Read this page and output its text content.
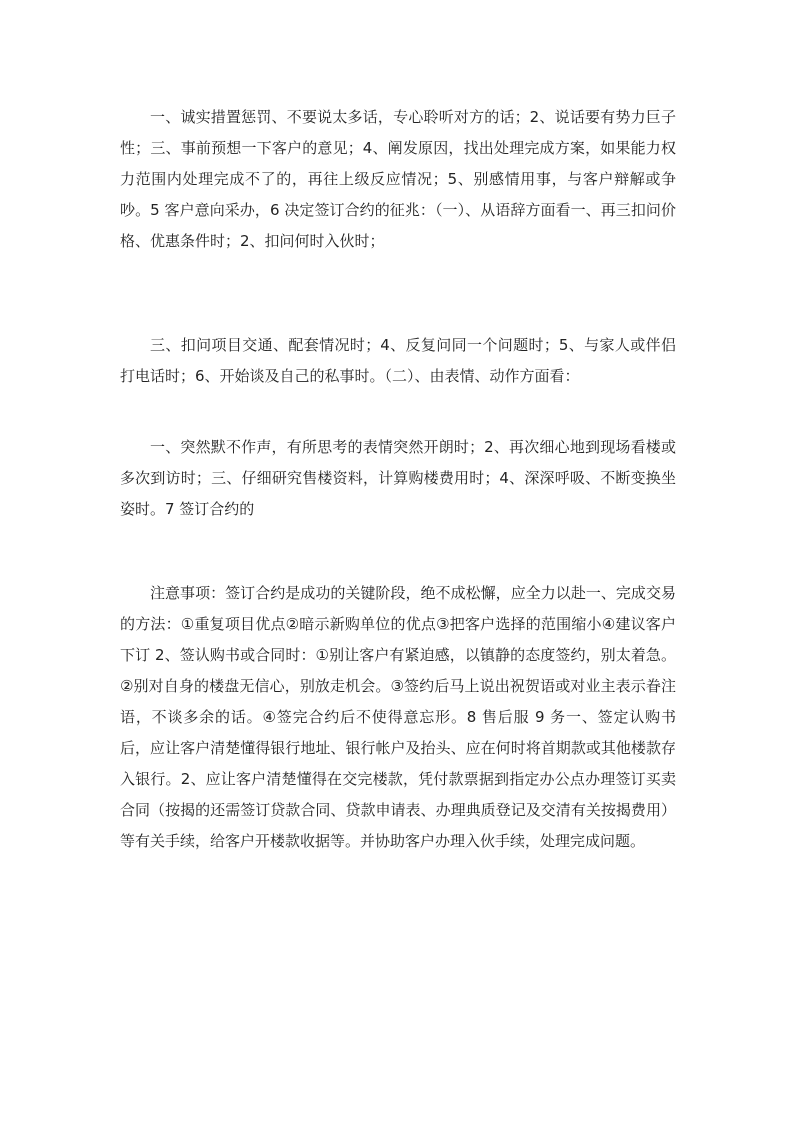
一、诚实措置惩罚、不要说太多话，专心聆听对方的话；2、说话要有势力巨子性；三、事前预想一下客户的意见；4、阐发原因，找出处理完成方案，如果能力权力范围内处理完成不了的，再往上级反应情况；5、别感情用事，与客户辩解或争吵。5 客户意向采办，6 决定签订合约的征兆：（一）、从语辞方面看一、再三扣问价格、优惠条件时；2、扣问何时入伙时；

三、扣问项目交通、配套情况时；4、反复问同一个问题时；5、与家人或伴侣打电话时；6、开始谈及自己的私事时。（二）、由表情、动作方面看：

一、突然默不作声，有所思考的表情突然开朗时；2、再次细心地到现场看楼或多次到访时；三、仔细研究售楼资料，计算购楼费用时；4、深深呼吸、不断变换坐姿时。7 签订合约的

注意事项：签订合约是成功的关键阶段，绝不成松懈，应全力以赴一、完成交易的方法：①重复项目优点②暗示新购单位的优点③把客户选择的范围缩小④建议客户下订 2、签认购书或合同时：①别让客户有紧迫感，以镇静的态度签约，别太着急。②别对自身的楼盘无信心，别放走机会。③签约后马上说出祝贺语或对业主表示眷注语，不谈多余的话。④签完合约后不使得意忘形。8 售后服 9 务一、签定认购书后，应让客户清楚懂得银行地址、银行帐户及抬头、应在何时将首期款或其他楼款存入银行。2、应让客户清楚懂得在交完楼款，凭付款票据到指定办公点办理签订买卖合同（按揭的还需签订贷款合同、贷款申请表、办理典质登记及交清有关按揭费用）等有关手续，给客户开楼款收据等。并协助客户办理入伙手续，处理完成问题。
